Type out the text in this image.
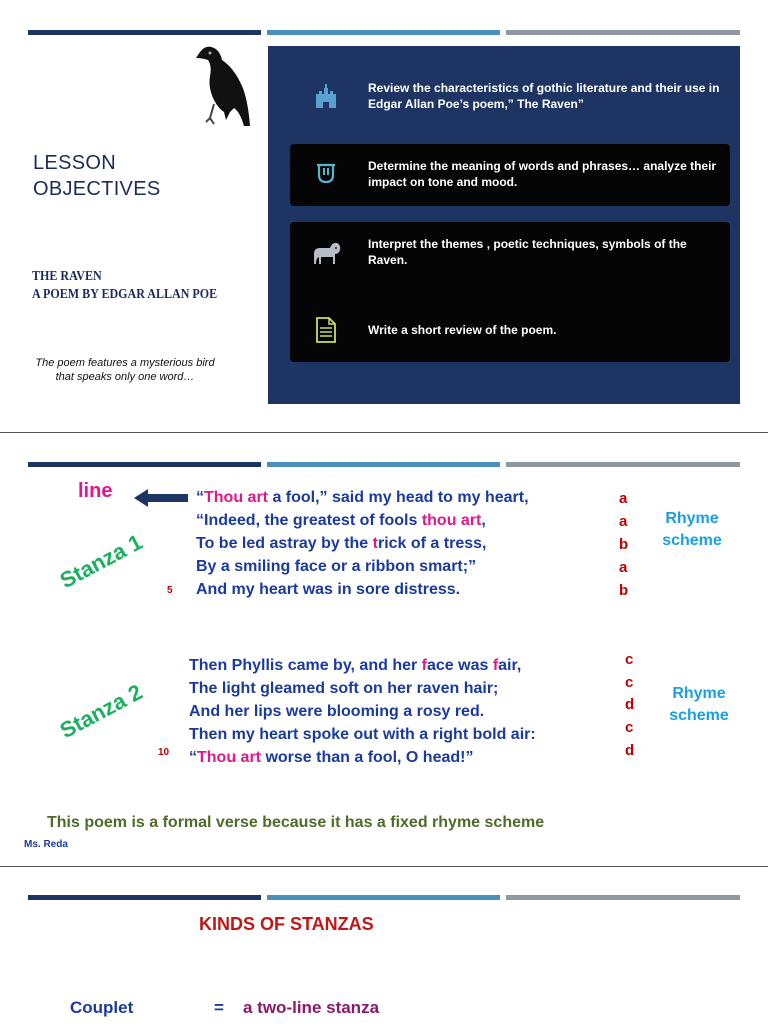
LESSON
OBJECTIVES
THE RAVEN
A POEM BY EDGAR ALLAN POE
The poem features a mysterious bird
that speaks only one word…
Review the characteristics of gothic literature and their use in Edgar Allan Poe’s poem,” The Raven”
Determine the meaning of words and phrases… analyze their impact on tone and mood.
Interpret the themes , poetic techniques, symbols of the Raven.
Write a short review of the poem.
line
Stanza 1 5
“Thou art a fool,” said my head to my heart,
“Indeed, the greatest of fools thou art,
To be led astray by the trick of a tress,
By a smiling face or a ribbon smart;”
And my heart was in sore distress.
a
a
b
a
b
Rhyme
scheme
Stanza 2
10
Then Phyllis came by, and her face was fair,
The light gleamed soft on her raven hair;
And her lips were blooming a rosy red.
Then my heart spoke out with a right bold air:
“Thou art worse than a fool, O head!”
c
c
d
c
d
Rhyme
scheme
This poem is a formal verse because it has a fixed rhyme scheme
Ms. Reda
KINDS OF STANZAS
Couplet	= a two-line stanza
